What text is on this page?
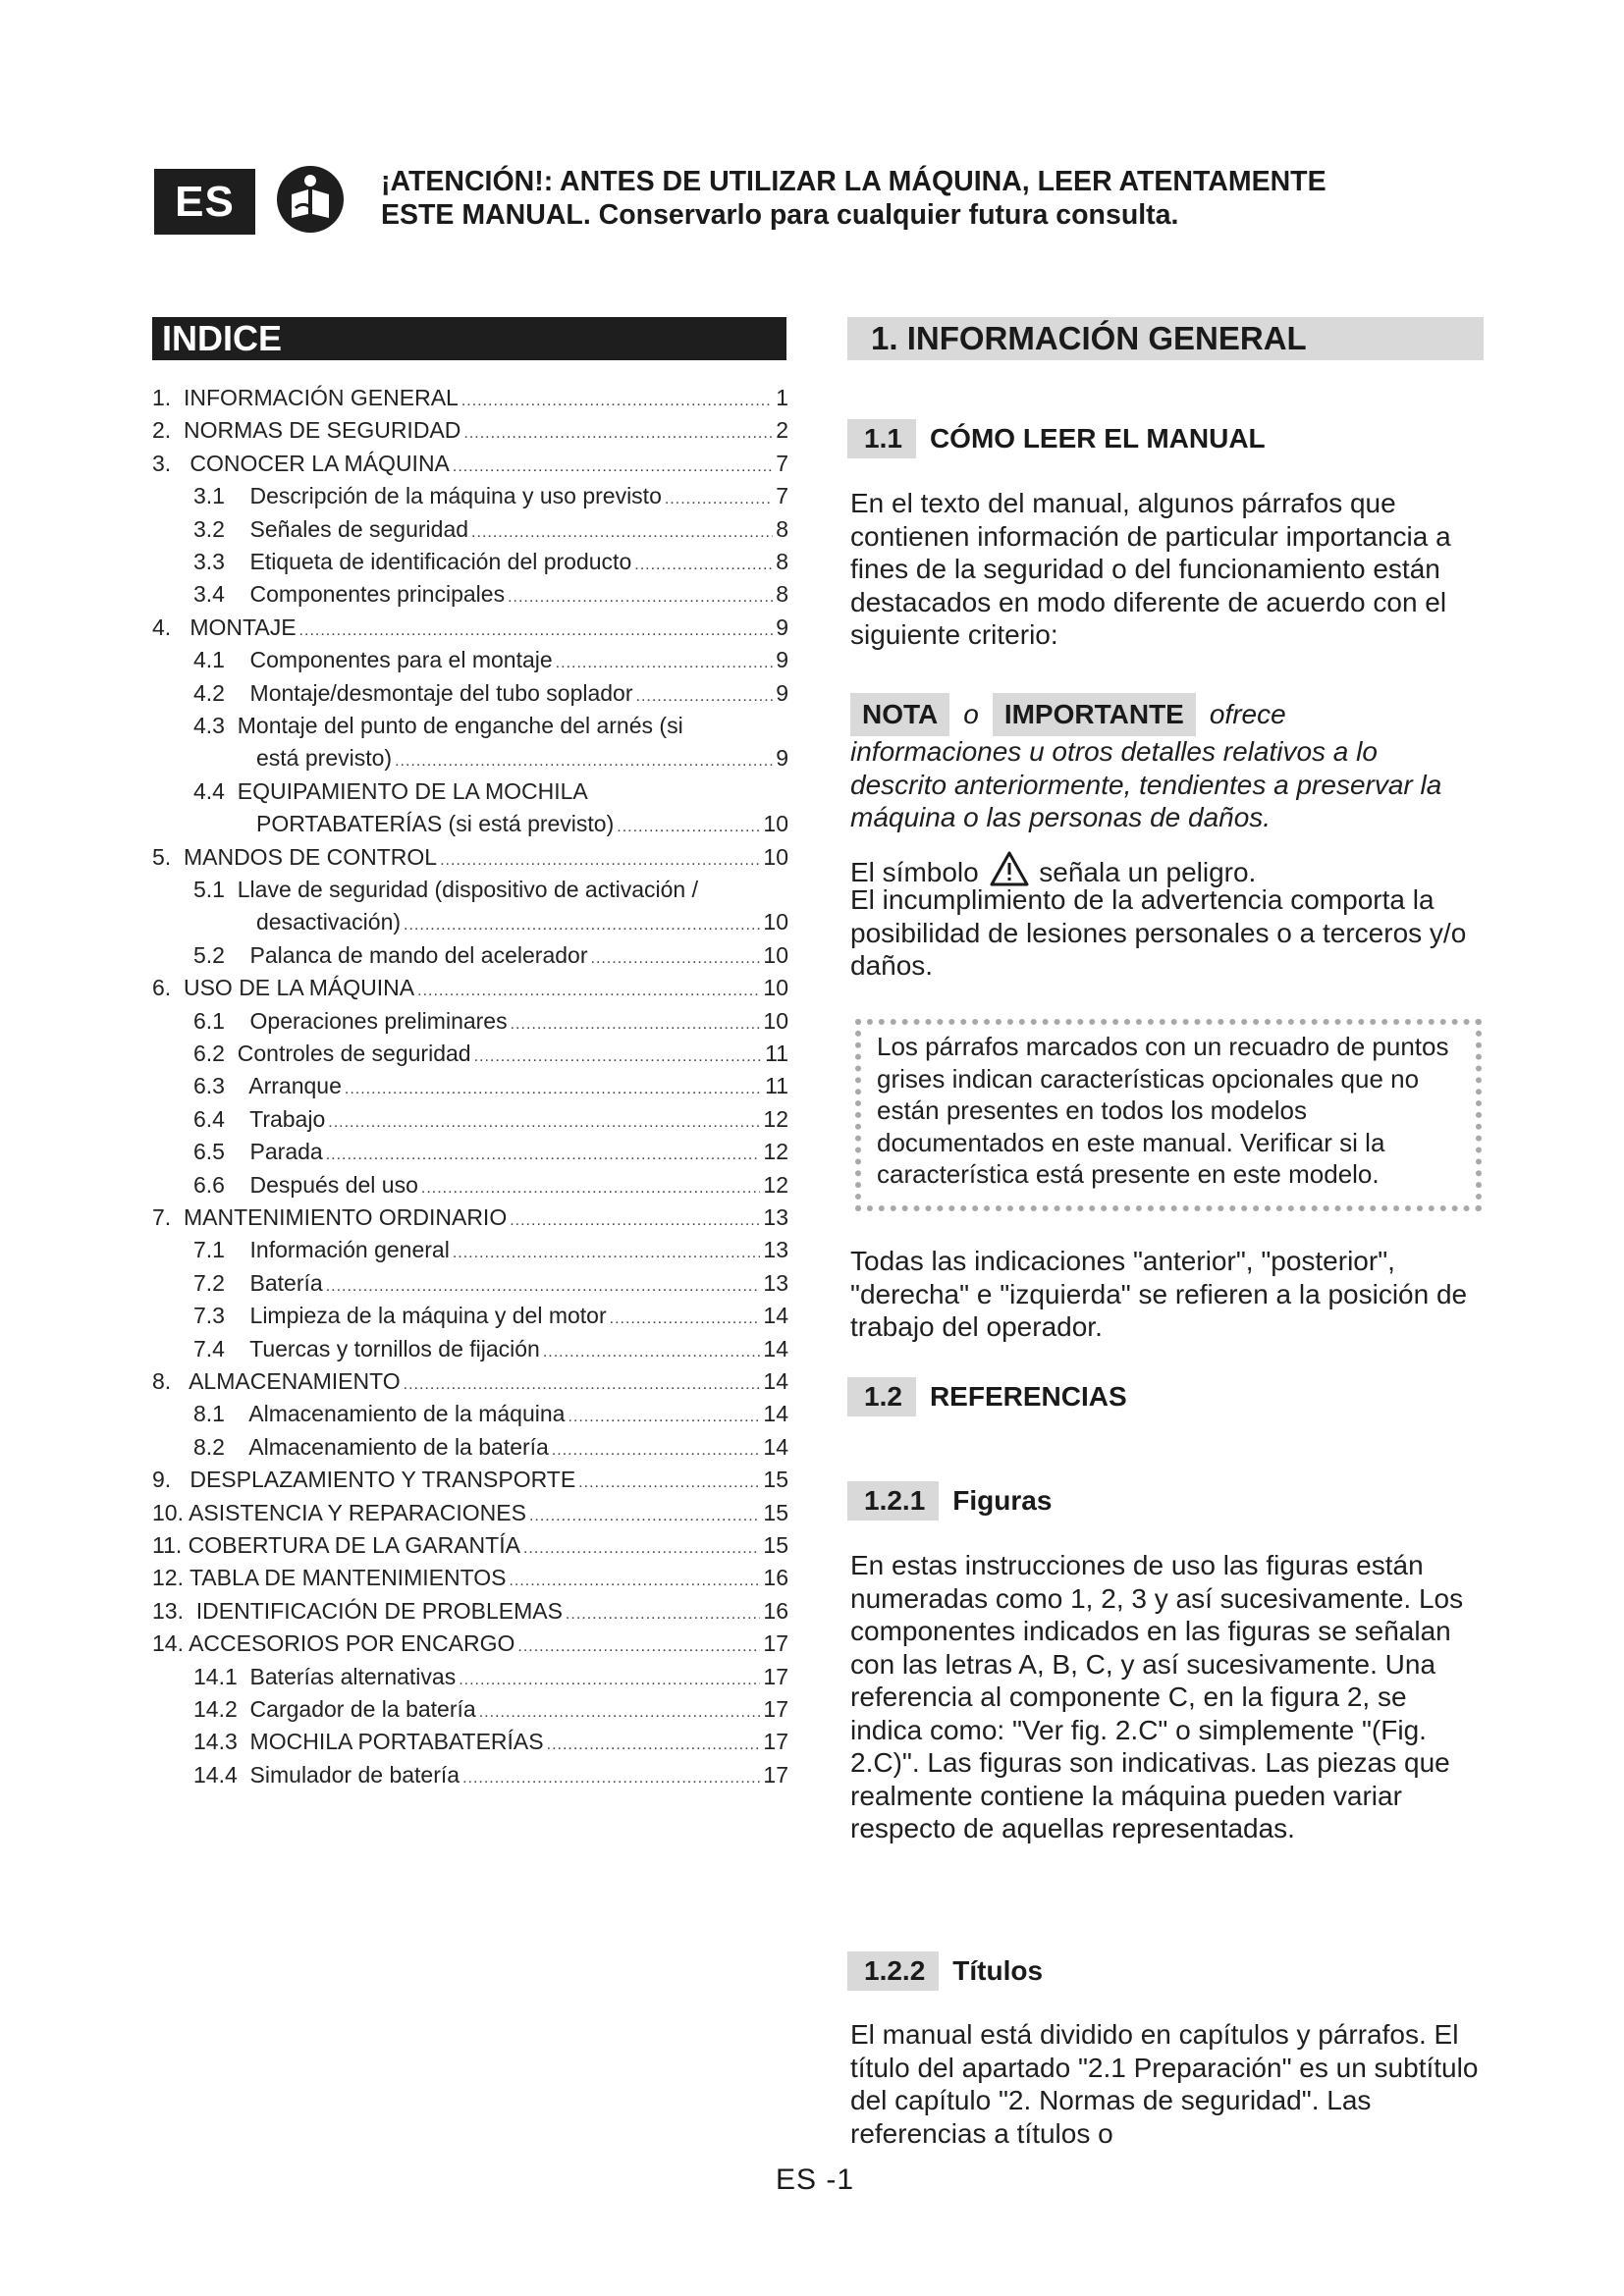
ES	¡ATENCIÓN!: ANTES DE UTILIZAR LA MÁQUINA, LEER ATENTAMENTE
ESTE MANUAL. Conservarlo para cualquier futura consulta.
INDICE
1.  INFORMACIÓN GENERAL .....	1
2.  NORMAS DE SEGURIDAD .....	2
3.   CONOCER LA MÁQUINA .....	7
3.1    Descripción de la máquina y uso previsto .....	7
3.2    Señales de seguridad .....	8
3.3    Etiqueta de identificación del producto .....	8
3.4    Componentes principales .....	8
4.   MONTAJE .....	9
4.1    Componentes para el montaje .....	9
4.2    Montaje/desmontaje del tubo soplador .....	9
4.3  Montaje del punto de enganche del arnés (si
está previsto) .....	9
4.4  EQUIPAMIENTO DE LA MOCHILA
PORTABATERÍAS (si está previsto) .....	10
5.  MANDOS DE CONTROL .....	10
5.1  Llave de seguridad (dispositivo de activación /
desactivación) .....	10
5.2    Palanca de mando del acelerador .....	10
6.  USO DE LA MÁQUINA .....	10
6.1    Operaciones preliminares .....	10
6.2  Controles de seguridad .....	11
6.3    Arranque .....	11
6.4    Trabajo .....	12
6.5    Parada .....	12
6.6    Después del uso .....	12
7.  MANTENIMIENTO ORDINARIO .....	13
7.1    Información general .....	13
7.2    Batería .....	13
7.3    Limpieza de la máquina y del motor .....	14
7.4    Tuercas y tornillos de fijación .....	14
8.   ALMACENAMIENTO .....	14
8.1    Almacenamiento de la máquina .....	14
8.2    Almacenamiento de la batería .....	14
9.   DESPLAZAMIENTO Y TRANSPORTE .....	15
10. ASISTENCIA Y REPARACIONES .....	15
11. COBERTURA DE LA GARANTÍA .....	15
12. TABLA DE MANTENIMIENTOS .....	16
13.  IDENTIFICACIÓN DE PROBLEMAS .....	16
14. ACCESORIOS POR ENCARGO .....	17
14.1  Baterías alternativas .....	17
14.2  Cargador de la batería .....	17
14.3  MOCHILA PORTABATERÍAS .....	17
14.4  Simulador de batería .....	17
1. INFORMACIÓN GENERAL
1.1	CÓMO LEER EL MANUAL
En el texto del manual, algunos párrafos que contienen información de particular importancia a fines de la seguridad o del funcionamiento están destacados en modo diferente de acuerdo con el siguiente criterio:
NOTA o IMPORTANTE ofrece
informaciones u otros detalles relativos a lo descrito anteriormente, tendientes a preservar la máquina o las personas de daños.
El símbolo señala un peligro.
El incumplimiento de la advertencia comporta la posibilidad de lesiones personales o a terceros y/o daños.
Los párrafos marcados con un recuadro de puntos grises indican características opcionales que no están presentes en todos los modelos documentados en este manual. Verificar si la característica está presente en este modelo.
Todas las indicaciones "anterior", "posterior", "derecha" e "izquierda" se refieren a la posición de trabajo del operador.
1.2	REFERENCIAS
1.2.1	Figuras
En estas instrucciones de uso las figuras están numeradas como 1, 2, 3 y así sucesivamente. Los componentes indicados en las figuras se señalan con las letras A, B, C, y así sucesivamente. Una referencia al componente C, en la figura 2, se indica como: "Ver fig. 2.C" o simplemente "(Fig. 2.C)". Las figuras son indicativas. Las piezas que realmente contiene la máquina pueden variar respecto de aquellas representadas.
1.2.2	Títulos
El manual está dividido en capítulos y párrafos. El título del apartado "2.1 Preparación" es un subtítulo del capítulo "2. Normas de seguridad". Las referencias a títulos o
ES -1
